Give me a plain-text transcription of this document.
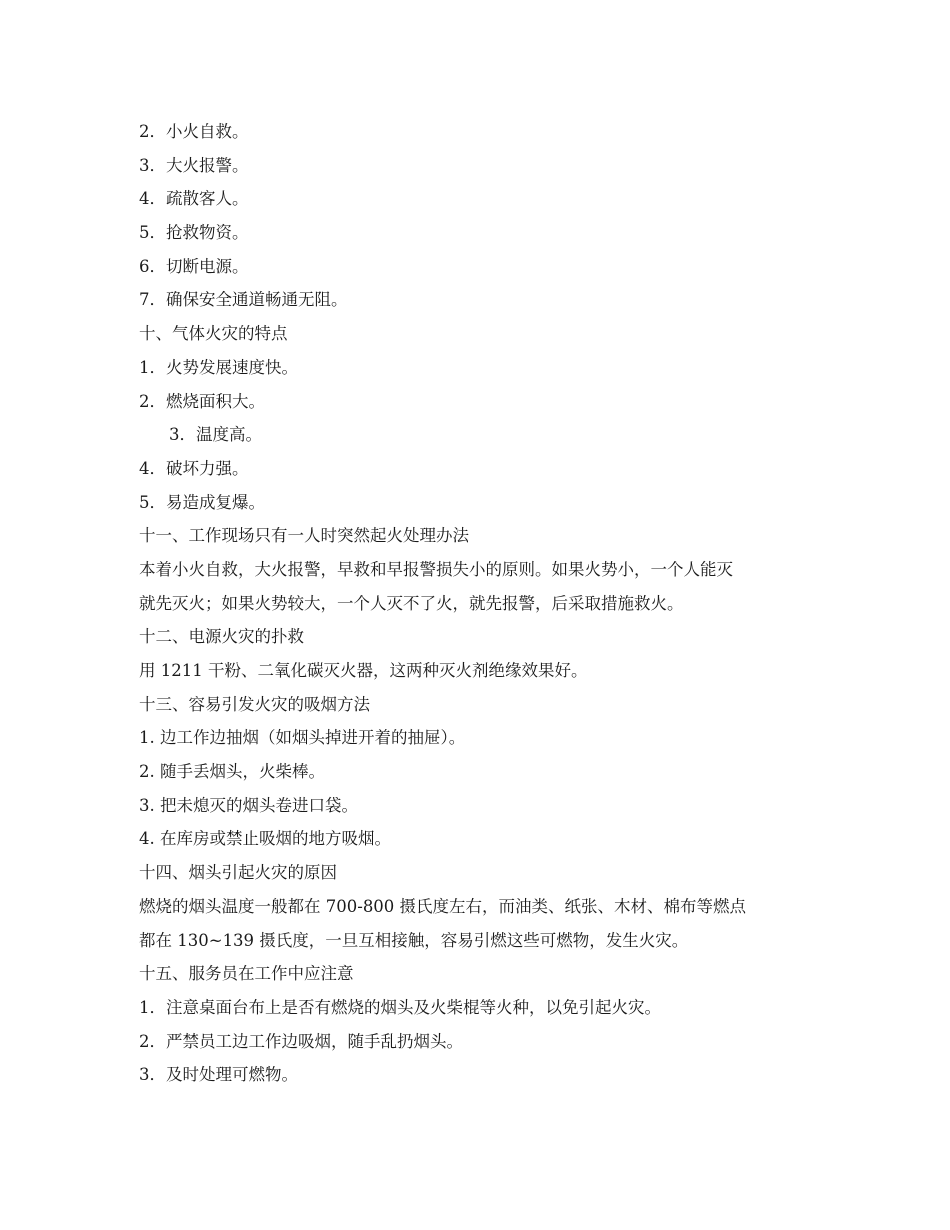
2．小火自救。
3．大火报警。
4．疏散客人。
5．抢救物资。
6．切断电源。
7．确保安全通道畅通无阻。
十、气体火灾的特点
1．火势发展速度快。
2．燃烧面积大。
3．温度高。
4．破坏力强。
5．易造成复爆。
十一、工作现场只有一人时突然起火处理办法
本着小火自救，大火报警，早救和早报警损失小的原则。如果火势小，一个人能灭
就先灭火；如果火势较大，一个人灭不了火，就先报警，后采取措施救火。
十二、电源火灾的扑救
用 1211 干粉、二氧化碳灭火器，这两种灭火剂绝缘效果好。
十三、容易引发火灾的吸烟方法
1. 边工作边抽烟（如烟头掉进开着的抽屉）。
2. 随手丢烟头，火柴棒。
3. 把未熄灭的烟头卷进口袋。
4. 在库房或禁止吸烟的地方吸烟。
十四、烟头引起火灾的原因
燃烧的烟头温度一般都在 700-800 摄氏度左右，而油类、纸张、木材、棉布等燃点
都在 130~139 摄氏度，一旦互相接触，容易引燃这些可燃物，发生火灾。
十五、服务员在工作中应注意
1．注意桌面台布上是否有燃烧的烟头及火柴棍等火种，以免引起火灾。
2．严禁员工边工作边吸烟，随手乱扔烟头。
3．及时处理可燃物。
